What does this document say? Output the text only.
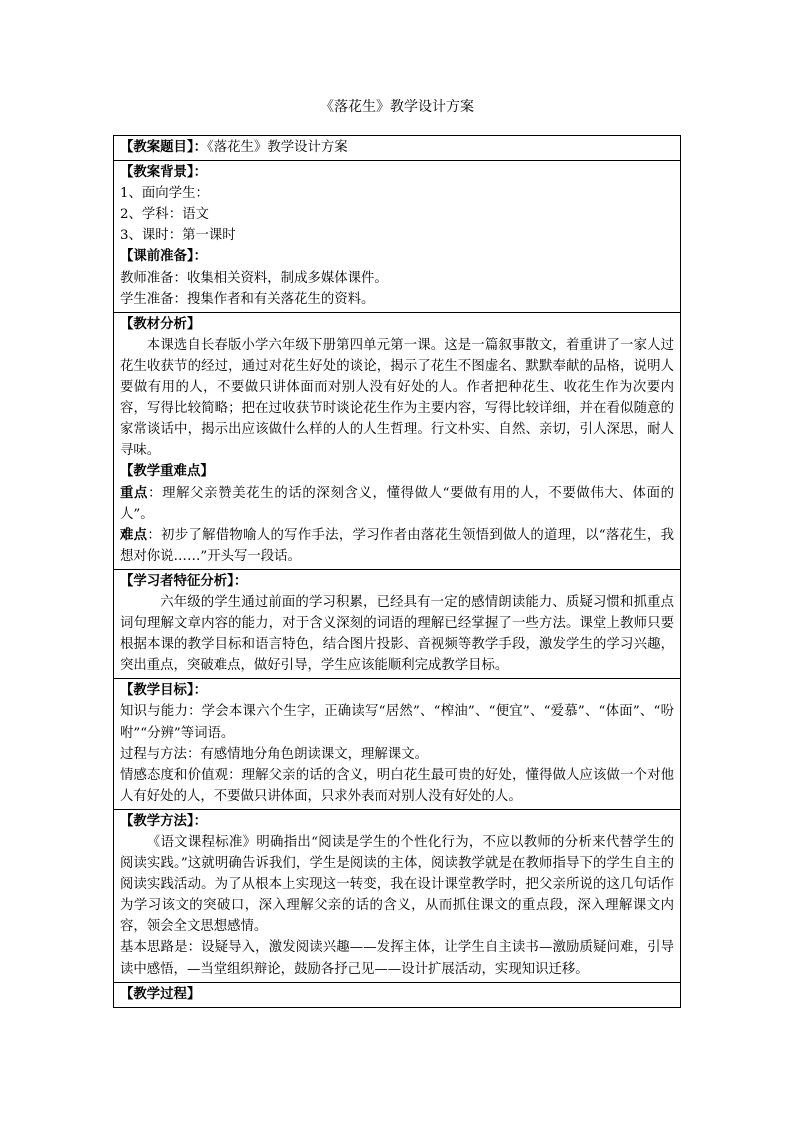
《落花生》教学设计方案
【教案题目】：《落花生》教学设计方案

【教案背景】：
1、面向学生：
2、学科：语文
3、课时：第一课时
【课前准备】：
教师准备：收集相关资料，制成多媒体课件。
学生准备：搜集作者和有关落花生的资料。

【教材分析】

本课选自长春版小学六年级下册第四单元第一课。这是一篇叙事散文，着重讲了一家人过花生收获节的经过，通过对花生好处的谈论，揭示了花生不图虚名、默默奉献的品格，说明人要做有用的人，不要做只讲体面而对别人没有好处的人。作者把种花生、收花生作为次要内容，写得比较简略；把在过收获节时谈论花生作为主要内容，写得比较详细，并在看似随意的家常谈话中，揭示出应该做什么样的人的人生哲理。行文朴实、自然、亲切，引人深思，耐人寻味。

【教学重难点】

重点：理解父亲赞美花生的话的深刻含义，懂得做人“要做有用的人，不要做伟大、体面的人”。

难点：初步了解借物喻人的写作手法，学习作者由落花生领悟到做人的道理，以“落花生，我想对你说……”开头写一段话。

【学习者特征分析】：

六年级的学生通过前面的学习积累，已经具有一定的感情朗读能力、质疑习惯和抓重点词句理解文章内容的能力，对于含义深刻的词语的理解已经掌握了一些方法。课堂上教师只要根据本课的教学目标和语言特色，结合图片投影、音视频等教学手段，激发学生的学习兴趣，突出重点，突破难点，做好引导，学生应该能顺利完成教学目标。

【教学目标】：

知识与能力：学会本课六个生字，正确读写“居然”、“榨油”、“便宜”、“爱慕”、“体面”、“吩咐”“分辨”等词语。

过程与方法：有感情地分角色朗读课文，理解课文。

情感态度和价值观：理解父亲的话的含义，明白花生最可贵的好处，懂得做人应该做一个对他人有好处的人，不要做只讲体面，只求外表而对别人没有好处的人。

【教学方法】：

《语文课程标准》明确指出“阅读是学生的个性化行为，不应以教师的分析来代替学生的阅读实践。”这就明确告诉我们，学生是阅读的主体，阅读教学就是在教师指导下的学生自主的阅读实践活动。为了从根本上实现这一转变，我在设计课堂教学时，把父亲所说的这几句话作为学习该文的突破口，深入理解父亲的话的含义，从而抓住课文的重点段，深入理解课文内容，领会全文思想感情。

基本思路是：设疑导入，激发阅读兴趣——发挥主体，让学生自主读书—激励质疑问难，引导读中感悟，—当堂组织辩论，鼓励各抒己见——设计扩展活动，实现知识迁移。

【教学过程】
